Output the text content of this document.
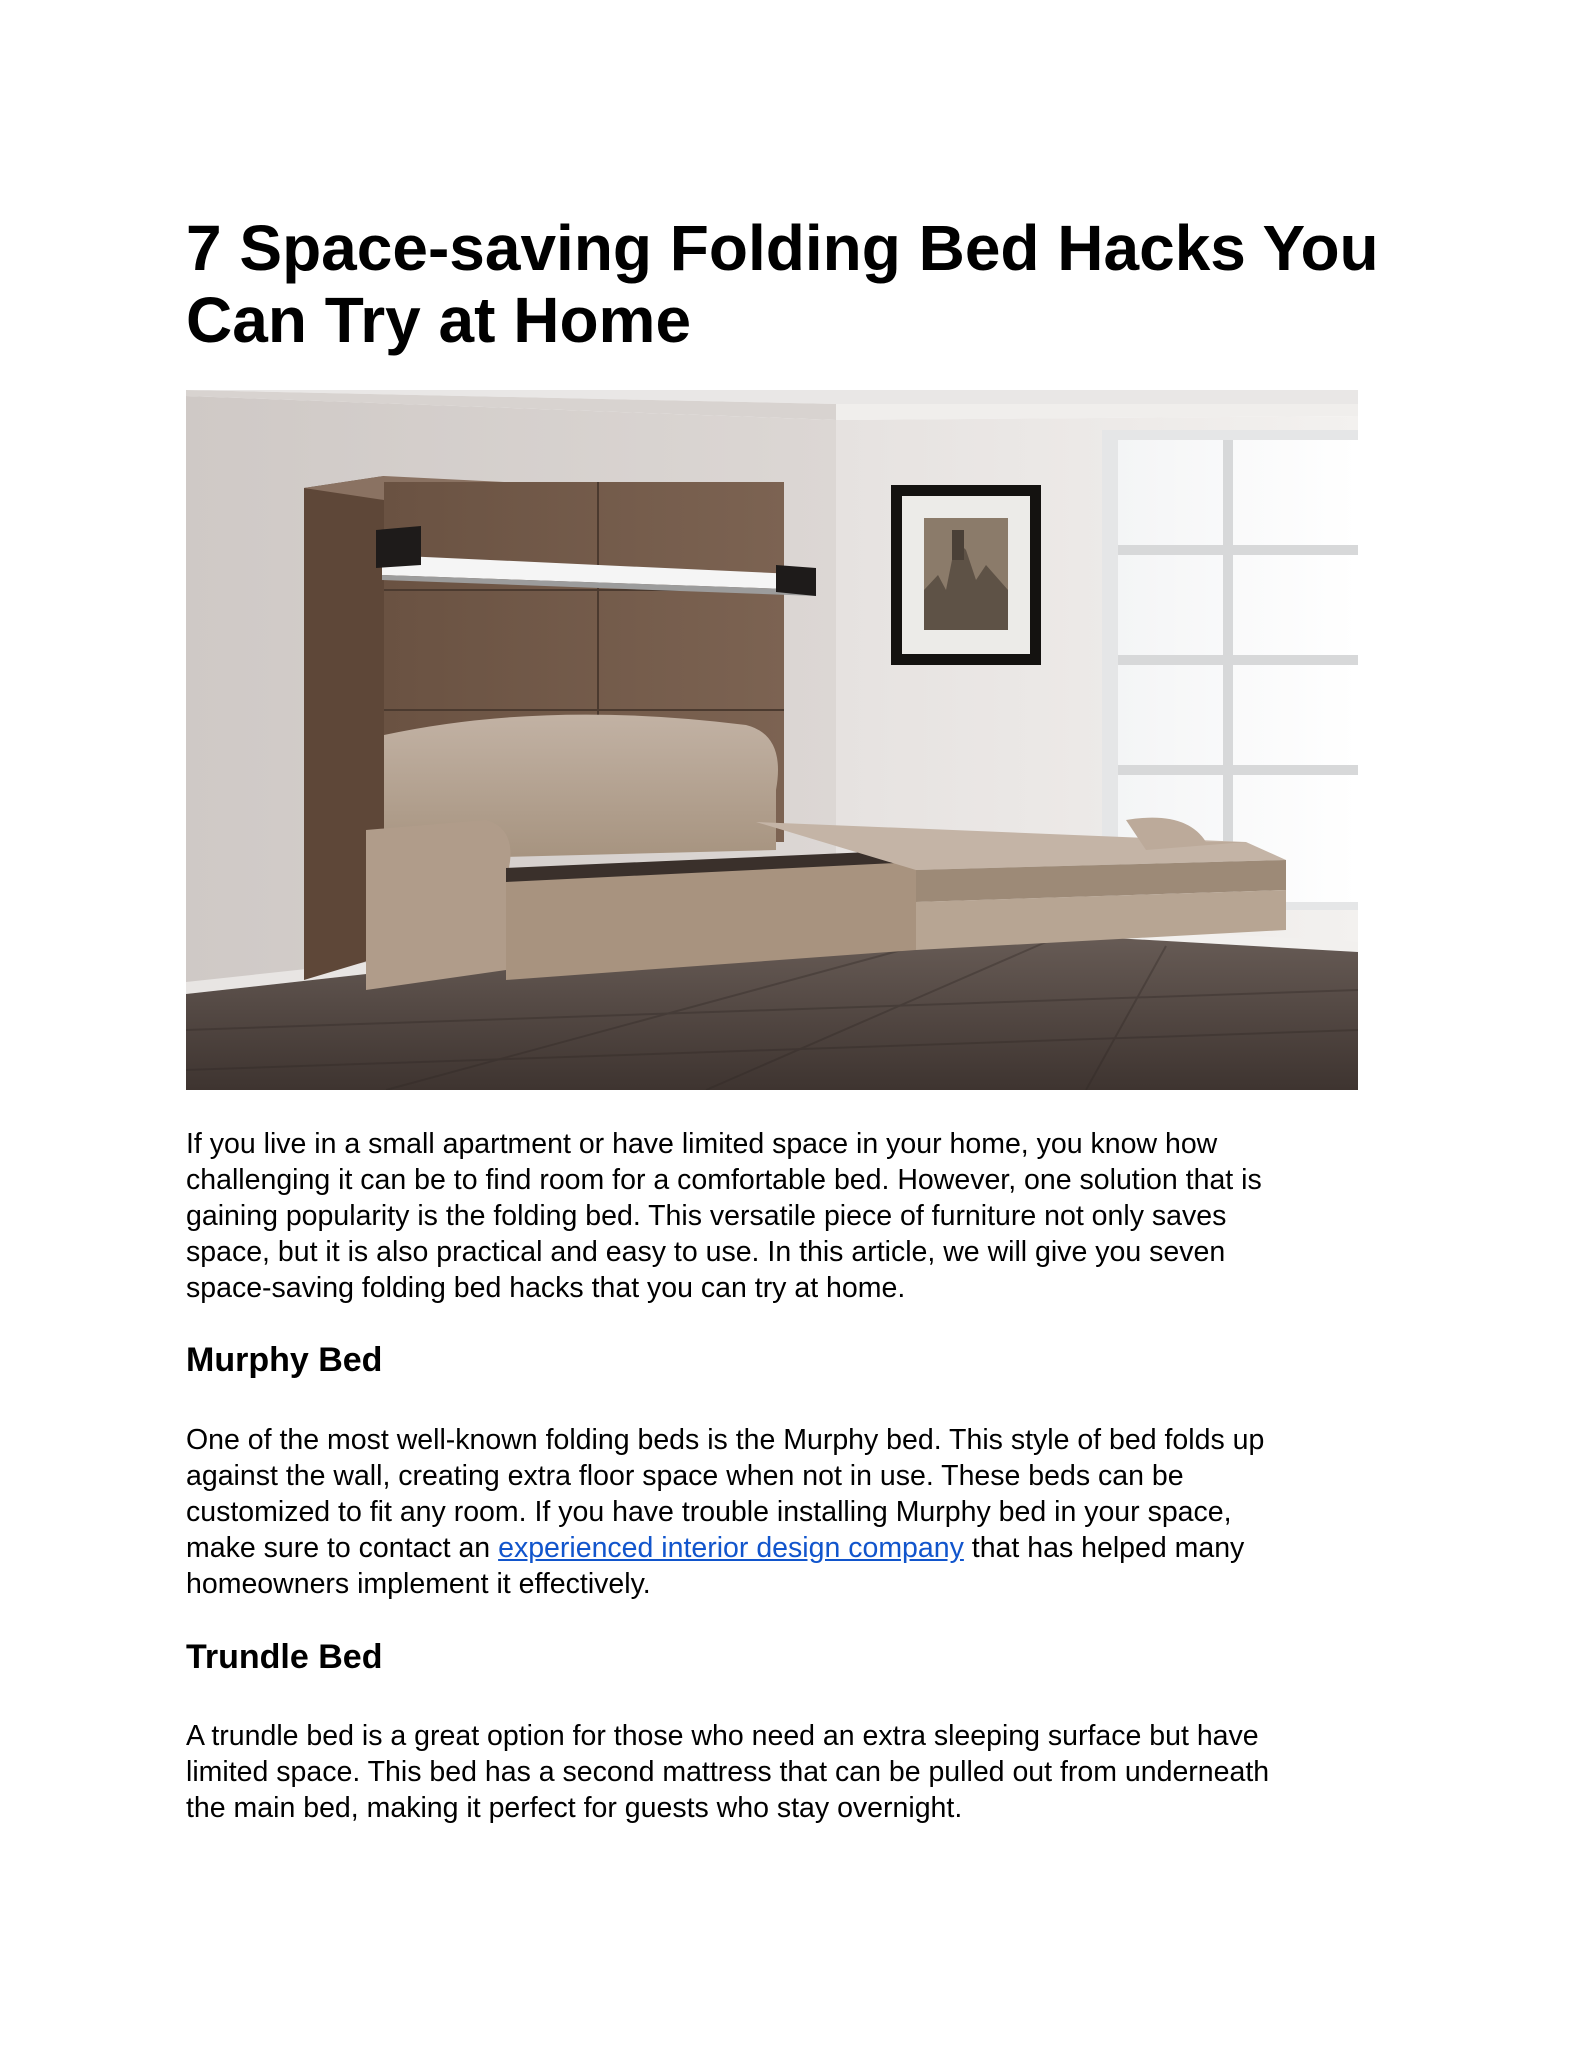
7 Space-saving Folding Bed Hacks You
Can Try at Home

If you live in a small apartment or have limited space in your home, you know how
challenging it can be to find room for a comfortable bed. However, one solution that is
gaining popularity is the folding bed. This versatile piece of furniture not only saves
space, but it is also practical and easy to use. In this article, we will give you seven
space-saving folding bed hacks that you can try at home.

Murphy Bed

One of the most well-known folding beds is the Murphy bed. This style of bed folds up
against the wall, creating extra floor space when not in use. These beds can be
customized to fit any room. If you have trouble installing Murphy bed in your space,
make sure to contact an experienced interior design company that has helped many
homeowners implement it effectively.

Trundle Bed

A trundle bed is a great option for those who need an extra sleeping surface but have
limited space. This bed has a second mattress that can be pulled out from underneath
the main bed, making it perfect for guests who stay overnight.
